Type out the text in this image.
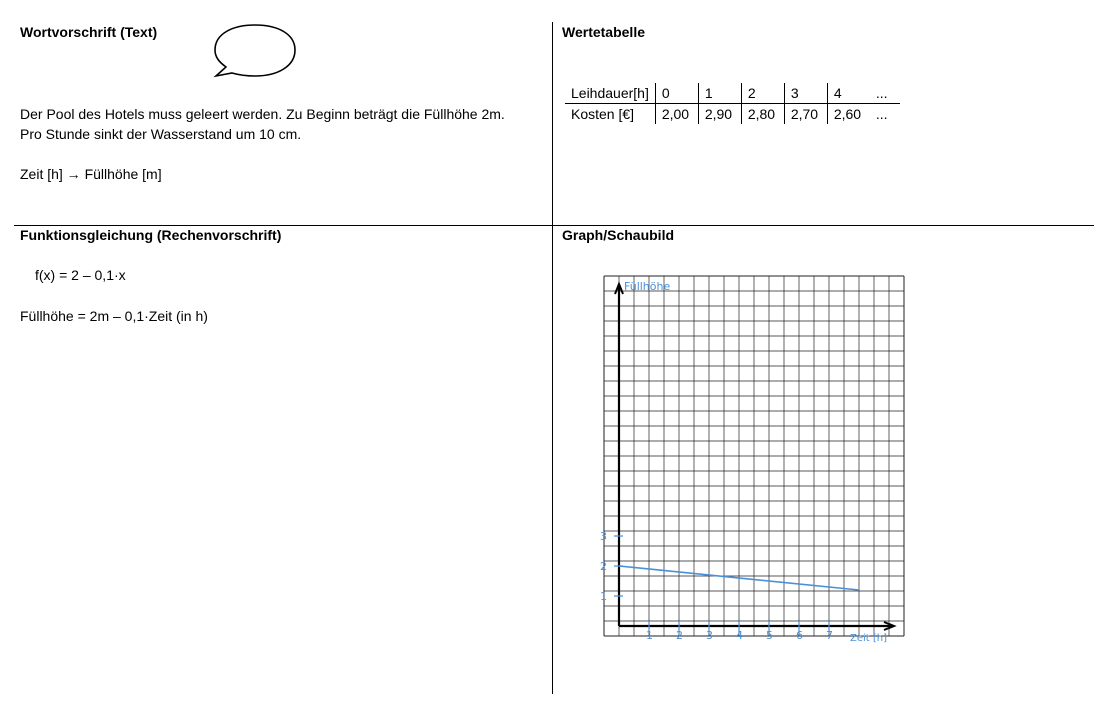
Wortvorschrift (Text)
Der Pool des Hotels muss geleert werden. Zu Beginn beträgt die Füllhöhe 2m.
Pro Stunde sinkt der Wasserstand um 10 cm.
Zeit [h] → Füllhöhe [m]
Wertetabelle
Leihdauer[h]	0	1	2	3	4	...
Kosten [€]	2,00	2,90	2,80	2,70	2,60	...
Funktionsgleichung (Rechenvorschrift)
f(x) = 2 – 0,1·x
Füllhöhe = 2m – 0,1·Zeit (in h)
Graph/Schaubild
1 2 3 4 5 6 7
1
2
3
Füllhöhe
Zeit [h]
